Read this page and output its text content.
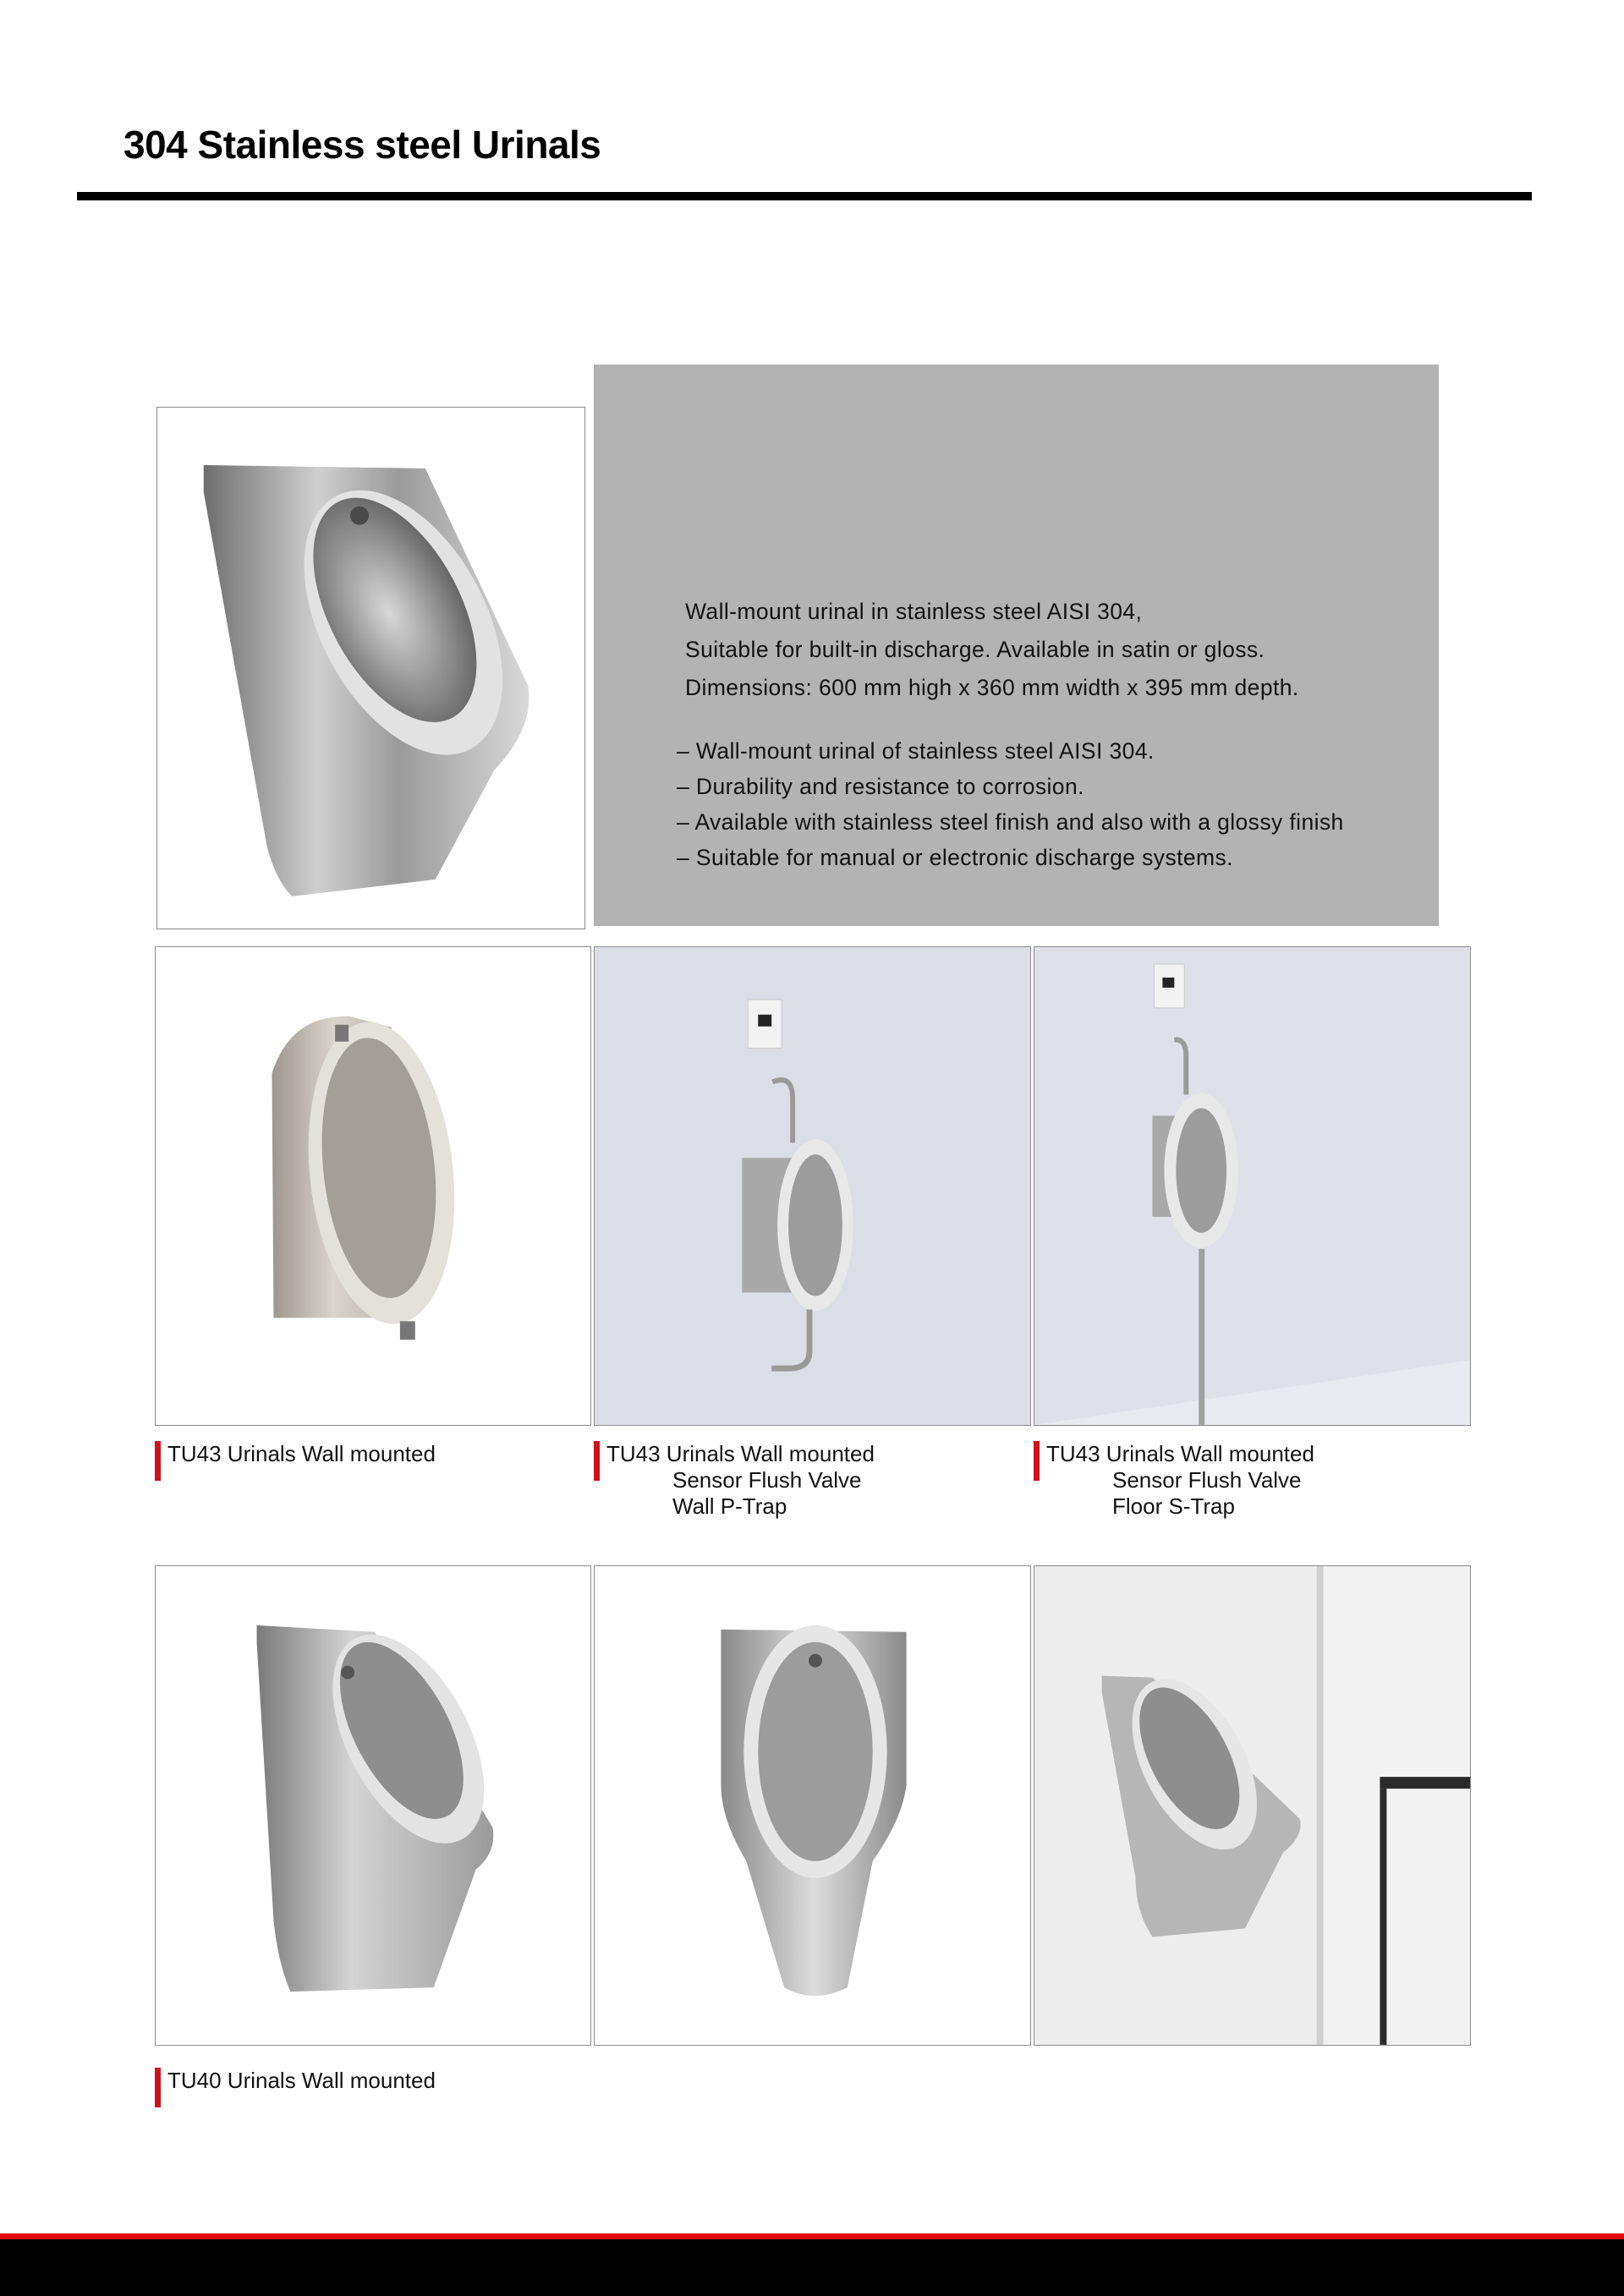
304 Stainless steel Urinals
Wall-mount urinal in stainless steel AISI 304,
Suitable for built-in discharge. Available in satin or gloss.
Dimensions: 600 mm high x 360 mm width x 395 mm depth.
– Wall-mount urinal of stainless steel AISI 304.
– Durability and resistance to corrosion.
– Available with stainless steel finish and also with a glossy finish
– Suitable for manual or electronic discharge systems.
TU43 Urinals Wall mounted	TU43 Urinals Wall mounted
Sensor Flush Valve
Wall P-Trap
TU43 Urinals Wall mounted
Sensor Flush Valve
Floor S-Trap
TU40 Urinals Wall mounted
